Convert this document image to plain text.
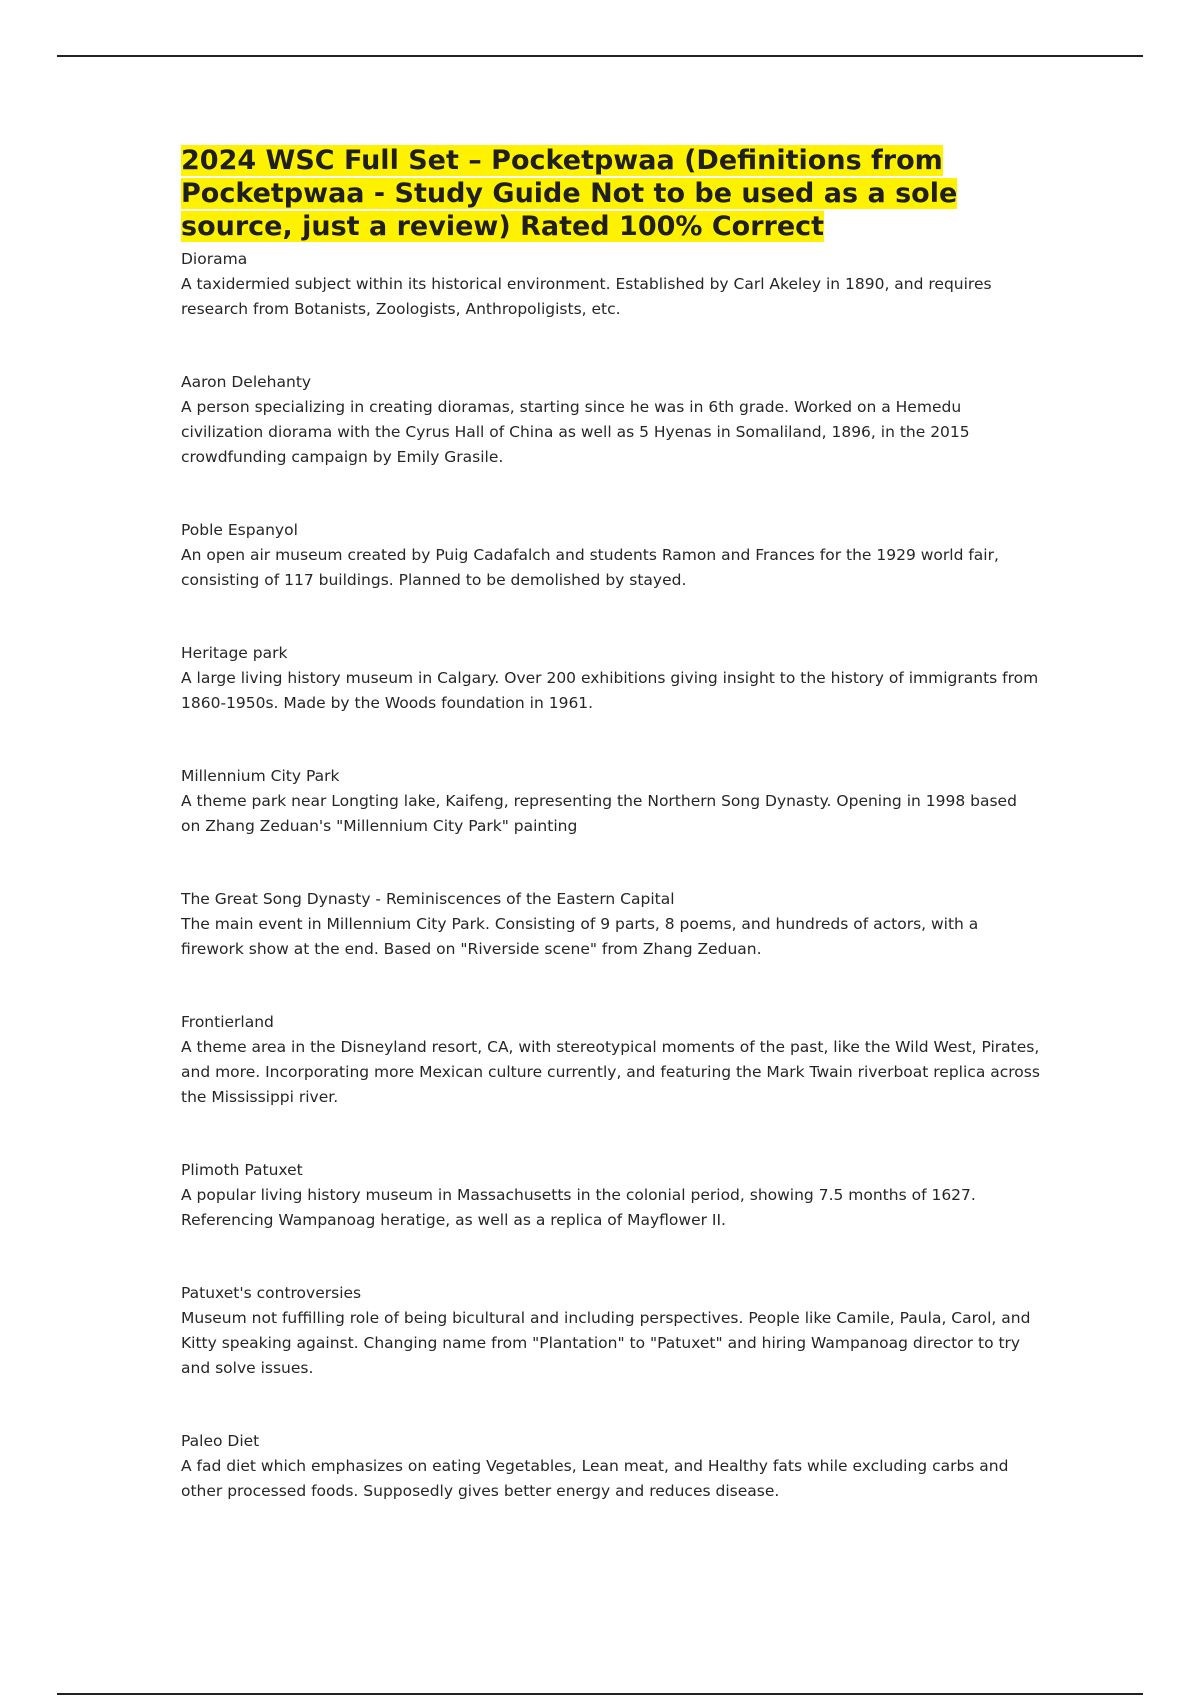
2024 WSC Full Set – Pocketpwaa (Definitions from Pocketpwaa - Study Guide Not to be used as a sole source, just a review) Rated 100% Correct
Diorama
A taxidermied subject within its historical environment. Established by Carl Akeley in 1890, and requires research from Botanists, Zoologists, Anthropoligists, etc.
Aaron Delehanty
A person specializing in creating dioramas, starting since he was in 6th grade. Worked on a Hemedu civilization diorama with the Cyrus Hall of China as well as 5 Hyenas in Somaliland, 1896, in the 2015 crowdfunding campaign by Emily Grasile.
Poble Espanyol
An open air museum created by Puig Cadafalch and students Ramon and Frances for the 1929 world fair, consisting of 117 buildings. Planned to be demolished by stayed.
Heritage park
A large living history museum in Calgary. Over 200 exhibitions giving insight to the history of immigrants from 1860-1950s. Made by the Woods foundation in 1961.
Millennium City Park
A theme park near Longting lake, Kaifeng, representing the Northern Song Dynasty. Opening in 1998 based on Zhang Zeduan's "Millennium City Park" painting
The Great Song Dynasty - Reminiscences of the Eastern Capital
The main event in Millennium City Park. Consisting of 9 parts, 8 poems, and hundreds of actors, with a firework show at the end. Based on "Riverside scene" from Zhang Zeduan.
Frontierland
A theme area in the Disneyland resort, CA, with stereotypical moments of the past, like the Wild West, Pirates, and more. Incorporating more Mexican culture currently, and featuring the Mark Twain riverboat replica across the Mississippi river.
Plimoth Patuxet
A popular living history museum in Massachusetts in the colonial period, showing 7.5 months of 1627. Referencing Wampanoag heratige, as well as a replica of Mayflower II.
Patuxet's controversies
Museum not fuffilling role of being bicultural and including perspectives. People like Camile, Paula, Carol, and Kitty speaking against. Changing name from "Plantation" to "Patuxet" and hiring Wampanoag director to try and solve issues.
Paleo Diet
A fad diet which emphasizes on eating Vegetables, Lean meat, and Healthy fats while excluding carbs and other processed foods. Supposedly gives better energy and reduces disease.
